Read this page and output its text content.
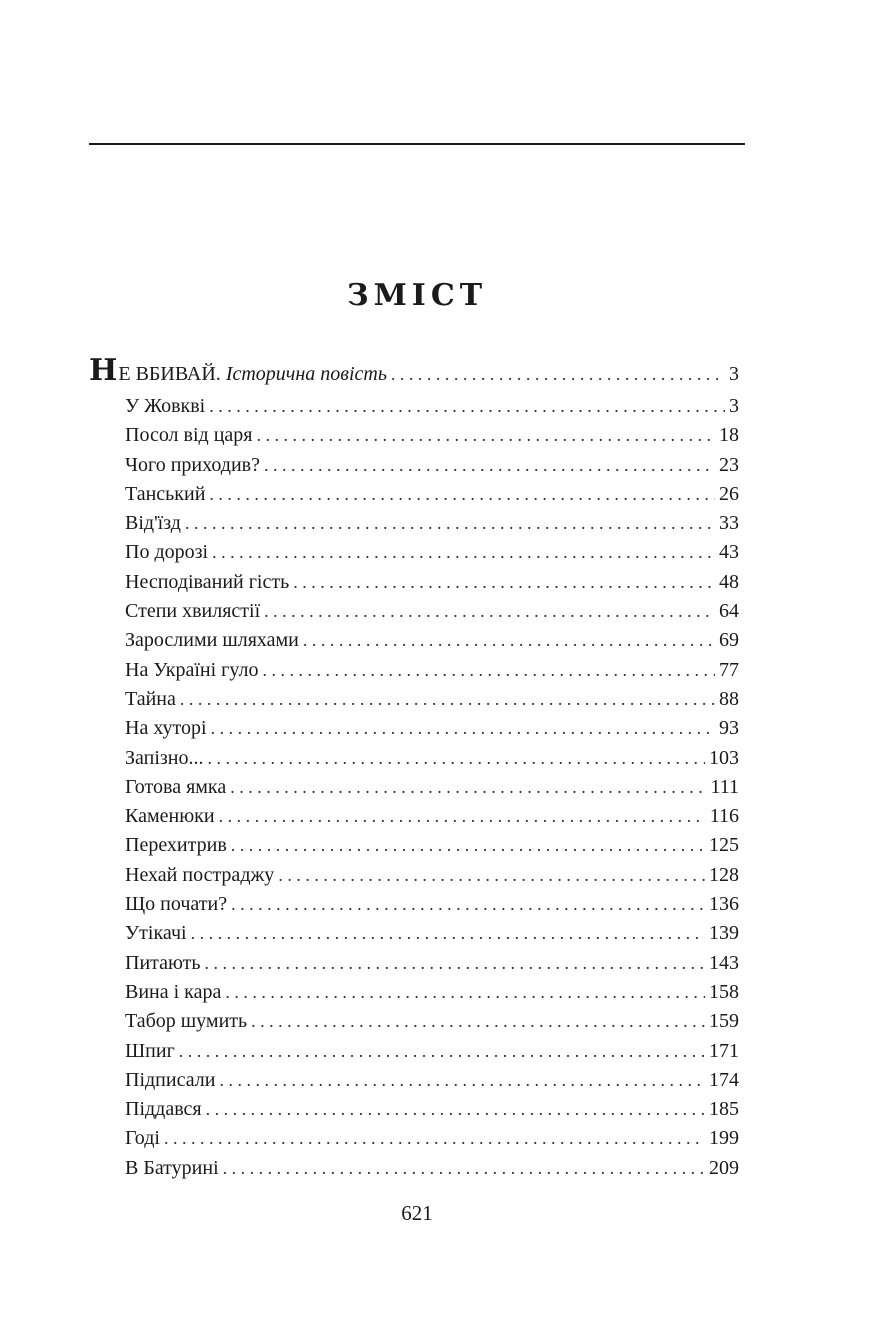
ЗМІСТ
НЕ ВБИВАЙ. Історична повість . . .	3
У Жовкві . . .	3
Посол від царя . . .	18
Чого приходив? . . .	23
Танський . . .	26
Від'їзд . . .	33
По дорозі . . .	43
Несподіваний гість . . .	48
Степи хвилястії . . .	64
Зарослими шляхами . . .	69
На Україні гуло . . .	77
Тайна . . .	88
На хуторі . . .	93
Запізно... . . .	103
Готова ямка . . .	111
Каменюки . . .	116
Перехитрив . . .	125
Нехай постраджу . . .	128
Що почати? . . .	136
Утікачі . . .	139
Питають . . .	143
Вина і кара . . .	158
Табор шумить . . .	159
Шпиг . . .	171
Підписали . . .	174
Піддався . . .	185
Годі . . .	199
В Батурині . . .	209
621
